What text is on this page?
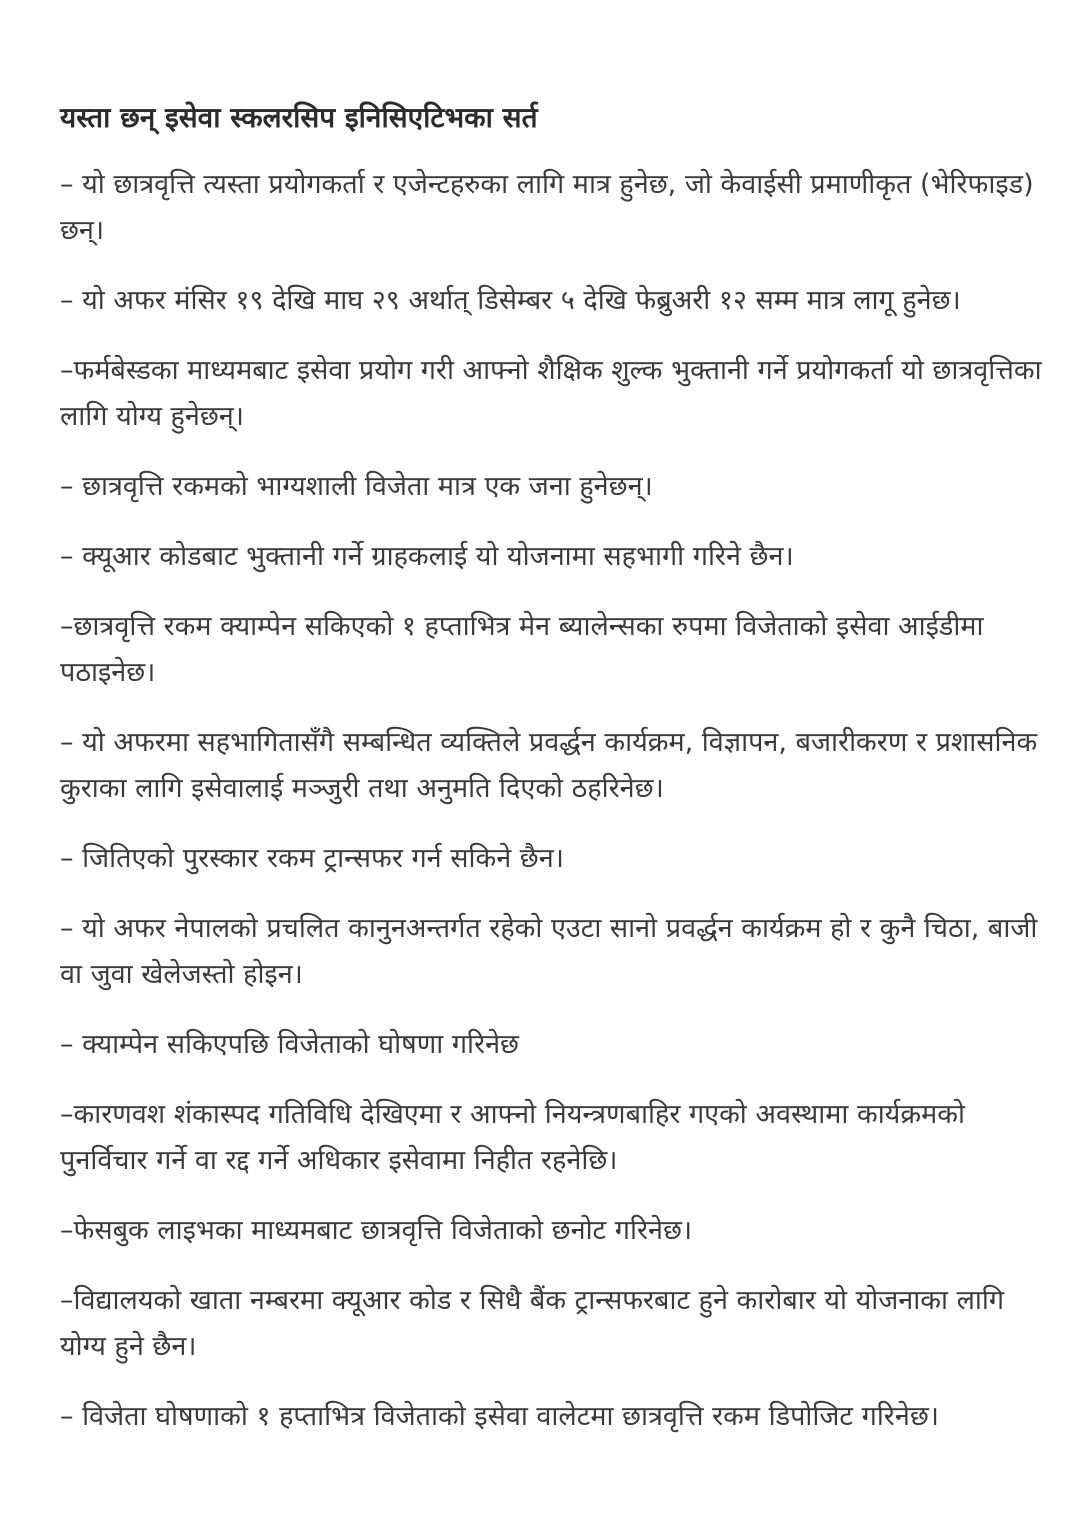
यस्ता छन् इसेवा स्कलरसिप इनिसिएटिभका सर्त

– यो छात्रवृत्ति त्यस्ता प्रयोगकर्ता र एजेन्टहरुका लागि मात्र हुनेछ, जो केवाईसी प्रमाणीकृत (भेरिफाइड) छन्।

– यो अफर मंसिर १९ देखि माघ २९ अर्थात् डिसेम्बर ५ देखि फेब्रुअरी १२ सम्म मात्र लागू हुनेछ।

–फर्मबेस्डका माध्यमबाट इसेवा प्रयोग गरी आफ्नो शैक्षिक शुल्क भुक्तानी गर्ने प्रयोगकर्ता यो छात्रवृत्तिका लागि योग्य हुनेछन्।

– छात्रवृत्ति रकमको भाग्यशाली विजेता मात्र एक जना हुनेछन्।

– क्यूआर कोडबाट भुक्तानी गर्ने ग्राहकलाई यो योजनामा सहभागी गरिने छैन।

–छात्रवृत्ति रकम क्याम्पेन सकिएको १ हप्ताभित्र मेन ब्यालेन्सका रुपमा विजेताको इसेवा आईडीमा पठाइनेछ।

– यो अफरमा सहभागितासँगै सम्बन्धित व्यक्तिले प्रवर्द्धन कार्यक्रम, विज्ञापन, बजारीकरण र प्रशासनिक कुराका लागि इसेवालाई मञ्जुरी तथा अनुमति दिएको ठहरिनेछ।

– जितिएको पुरस्कार रकम ट्रान्सफर गर्न सकिने छैन।

– यो अफर नेपालको प्रचलित कानुनअन्तर्गत रहेको एउटा सानो प्रवर्द्धन कार्यक्रम हो र कुनै चिठा, बाजी वा जुवा खेलेजस्तो होइन।

– क्याम्पेन सकिएपछि विजेताको घोषणा गरिनेछ

–कारणवश शंकास्पद गतिविधि देखिएमा र आफ्नो नियन्त्रणबाहिर गएको अवस्थामा कार्यक्रमको पुनर्विचार गर्ने वा रद्द गर्ने अधिकार इसेवामा निहीत रहनेछि।

–फेसबुक लाइभका माध्यमबाट छात्रवृत्ति विजेताको छनोट गरिनेछ।

–विद्यालयको खाता नम्बरमा क्यूआर कोड र सिधै बैंक ट्रान्सफरबाट हुने कारोबार यो योजनाका लागि योग्य हुने छैन।

– विजेता घोषणाको १ हप्ताभित्र विजेताको इसेवा वालेटमा छात्रवृत्ति रकम डिपोजिट गरिनेछ।
